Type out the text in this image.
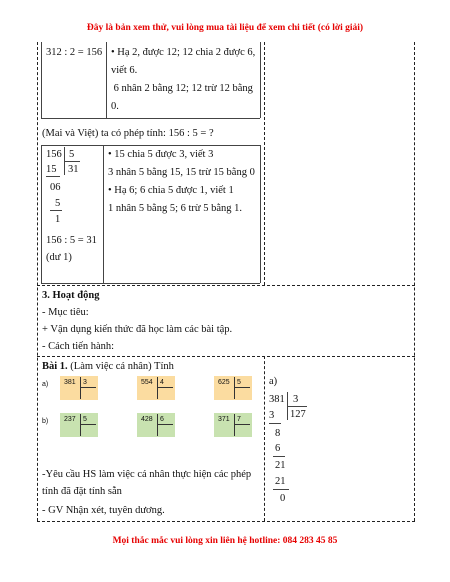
Đây là bản xem thử, vui lòng mua tài liệu để xem chi tiết (có lời giải)
312 : 2 = 156 • Hạ 2, được 12; 12 chia 2 được 6,
viết 6.
6 nhân 2 bằng 12; 12 trừ 12 bằng
0.
(Mai và Việt) ta có phép tính: 156 : 5 = ?
156 5
31
15
06
5
1
156 : 5 = 31
(dư 1)
• 15 chia 5 được 3, viết 3
3 nhân 5 bằng 15, 15 trừ 15 bằng 0
• Hạ 6; 6 chia 5 được 1, viết 1
1 nhân 5 bằng 5; 6 trừ 5 bằng 1.
3. Hoạt động
- Mục tiêu:
+ Vận dụng kiến thức đã học làm các bài tập.
- Cách tiến hành:
Bài 1. (Làm việc cá nhân) Tính
a)
b)
381 3	554 4	625 5
237 5	428 6	371 7
-Yêu cầu HS làm việc cá nhân thực hiện các phép
tính đã đặt tính sẵn
- GV Nhận xét, tuyên dương.
a)
381 3
127
3
8
6
21
21
0
Mọi thắc mắc vui lòng xin liên hệ hotline: 084 283 45 85
